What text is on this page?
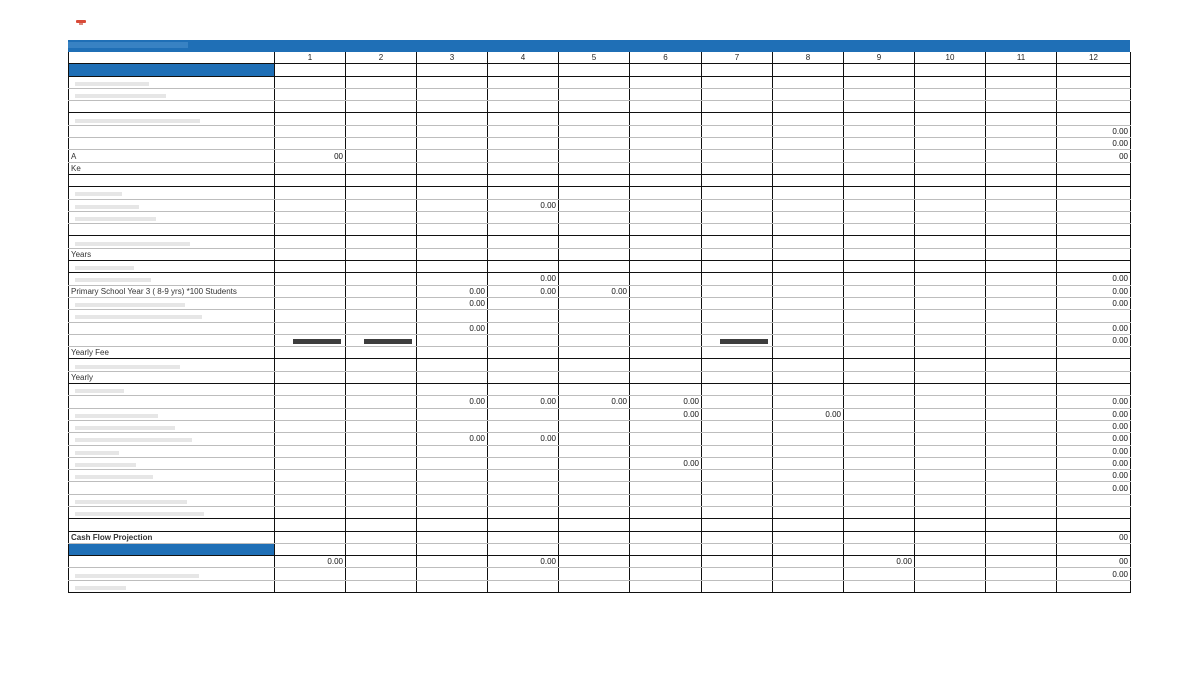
	1	2	3	4	5	6	7	8	9	10	11	12

												0.00
												0.00
A	00											00
Ke												

				0.00								

Years												

				0.00								0.00
Primary School Year 3 ( 8-9 yrs) *100 Students			0.00	0.00	0.00							0.00

			0.00									0.00

			0.00									0.00

					0.00
Yearly Fee												

Yearly												

			0.00	0.00	0.00	0.00						0.00

						0.00		0.00				0.00

												0.00

			0.00	0.00								0.00

												0.00

						0.00						0.00

												0.00
												0.00

Cash Flow Projection												00

	0.00			0.00					0.00			00

												0.00
